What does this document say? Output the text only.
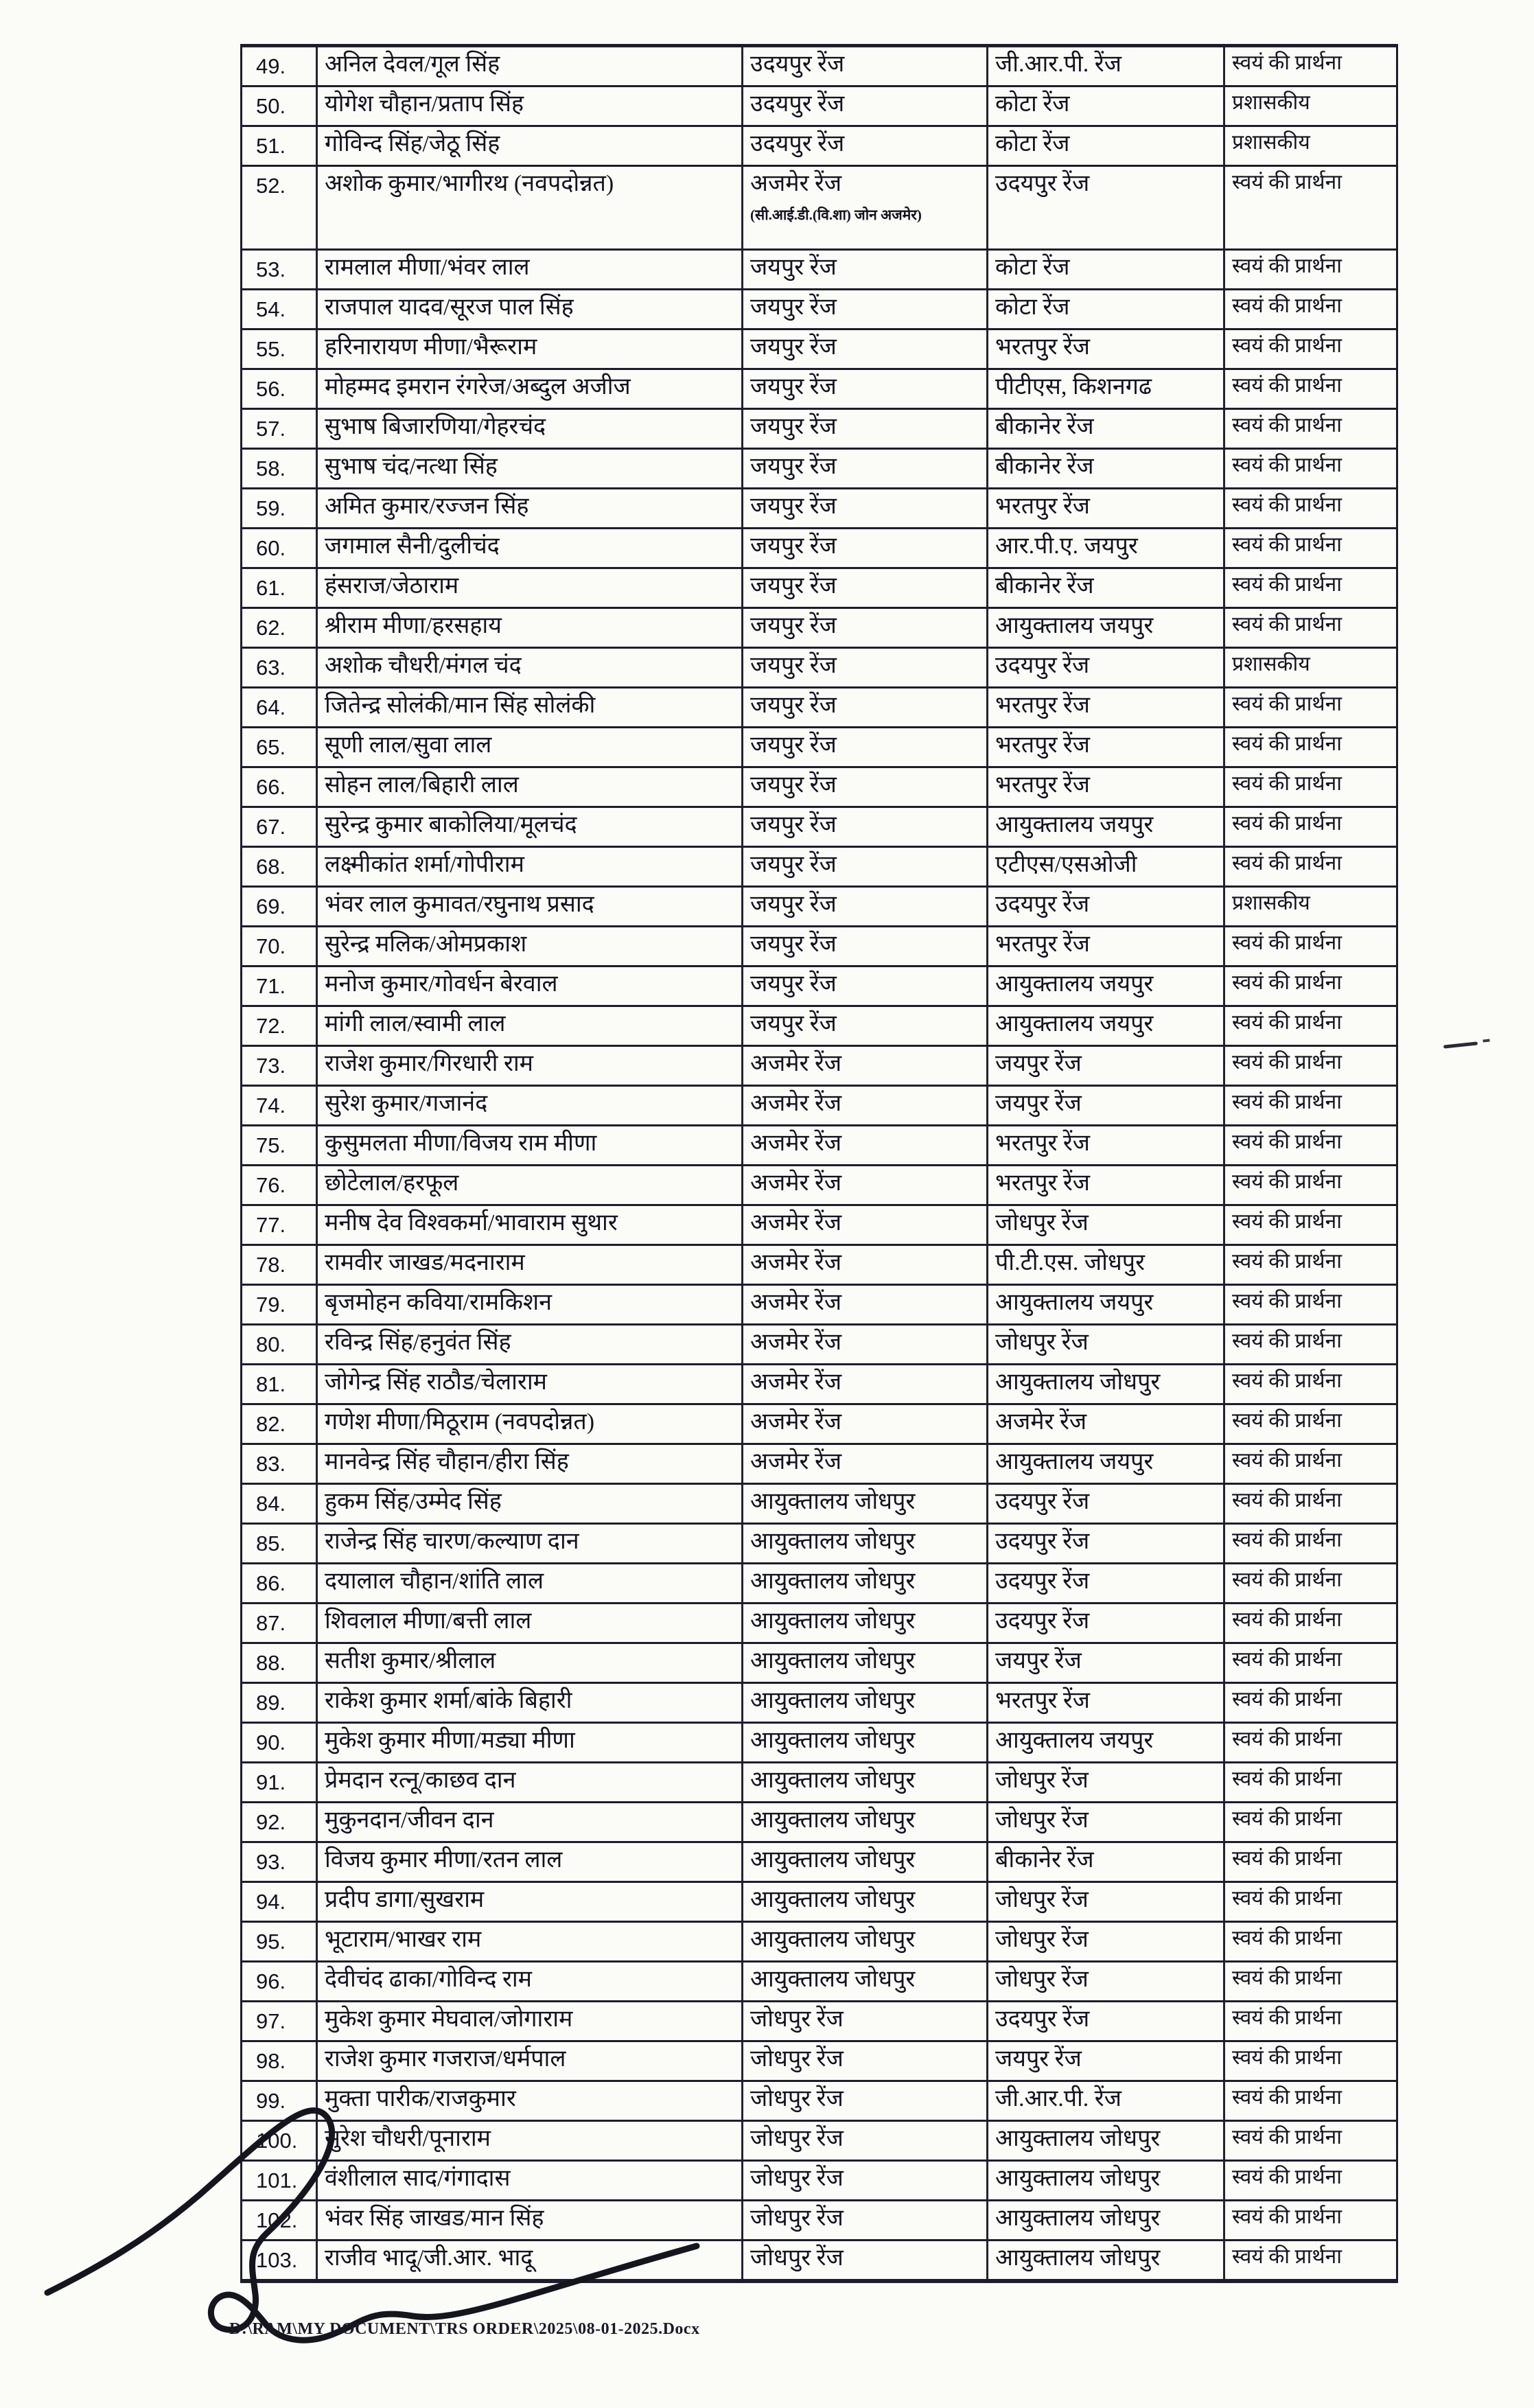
49.	अनिल देवल/गूल सिंह	उदयपुर रेंज	जी.आर.पी. रेंज	स्वयं की प्रार्थना
50.	योगेश चौहान/प्रताप सिंह	उदयपुर रेंज	कोटा रेंज	प्रशासकीय
51.	गोविन्द सिंह/जेठू सिंह	उदयपुर रेंज	कोटा रेंज	प्रशासकीय
52.	अशोक कुमार/भागीरथ (नवपदोन्नत)	अजमेर रेंज
(सी.आई.डी.(वि.शा) जोन अजमेर)
उदयपुर रेंज	स्वयं की प्रार्थना
53.	रामलाल मीणा/भंवर लाल	जयपुर रेंज	कोटा रेंज	स्वयं की प्रार्थना
54.	राजपाल यादव/सूरज पाल सिंह	जयपुर रेंज	कोटा रेंज	स्वयं की प्रार्थना
55.	हरिनारायण मीणा/भैरूराम	जयपुर रेंज	भरतपुर रेंज	स्वयं की प्रार्थना
56.	मोहम्मद इमरान रंगरेज/अब्दुल अजीज	जयपुर रेंज	पीटीएस, किशनगढ	स्वयं की प्रार्थना
57.	सुभाष बिजारणिया/गेहरचंद	जयपुर रेंज	बीकानेर रेंज	स्वयं की प्रार्थना
58.	सुभाष चंद/नत्था सिंह	जयपुर रेंज	बीकानेर रेंज	स्वयं की प्रार्थना
59.	अमित कुमार/रज्जन सिंह	जयपुर रेंज	भरतपुर रेंज	स्वयं की प्रार्थना
60.	जगमाल सैनी/दुलीचंद	जयपुर रेंज	आर.पी.ए. जयपुर	स्वयं की प्रार्थना
61.	हंसराज/जेठाराम	जयपुर रेंज	बीकानेर रेंज	स्वयं की प्रार्थना
62.	श्रीराम मीणा/हरसहाय	जयपुर रेंज	आयुक्तालय जयपुर	स्वयं की प्रार्थना
63.	अशोक चौधरी/मंगल चंद	जयपुर रेंज	उदयपुर रेंज	प्रशासकीय
64.	जितेन्द्र सोलंकी/मान सिंह सोलंकी	जयपुर रेंज	भरतपुर रेंज	स्वयं की प्रार्थना
65.	सूणी लाल/सुवा लाल	जयपुर रेंज	भरतपुर रेंज	स्वयं की प्रार्थना
66.	सोहन लाल/बिहारी लाल	जयपुर रेंज	भरतपुर रेंज	स्वयं की प्रार्थना
67.	सुरेन्द्र कुमार बाकोलिया/मूलचंद	जयपुर रेंज	आयुक्तालय जयपुर	स्वयं की प्रार्थना
68.	लक्ष्मीकांत शर्मा/गोपीराम	जयपुर रेंज	एटीएस/एसओजी	स्वयं की प्रार्थना
69.	भंवर लाल कुमावत/रघुनाथ प्रसाद	जयपुर रेंज	उदयपुर रेंज	प्रशासकीय
70.	सुरेन्द्र मलिक/ओमप्रकाश	जयपुर रेंज	भरतपुर रेंज	स्वयं की प्रार्थना
71.	मनोज कुमार/गोवर्धन बेरवाल	जयपुर रेंज	आयुक्तालय जयपुर	स्वयं की प्रार्थना
72.	मांगी लाल/स्वामी लाल	जयपुर रेंज	आयुक्तालय जयपुर	स्वयं की प्रार्थना
73.	राजेश कुमार/गिरधारी राम	अजमेर रेंज	जयपुर रेंज	स्वयं की प्रार्थना
74.	सुरेश कुमार/गजानंद	अजमेर रेंज	जयपुर रेंज	स्वयं की प्रार्थना
75.	कुसुमलता मीणा/विजय राम मीणा	अजमेर रेंज	भरतपुर रेंज	स्वयं की प्रार्थना
76.	छोटेलाल/हरफूल	अजमेर रेंज	भरतपुर रेंज	स्वयं की प्रार्थना
77.	मनीष देव विश्वकर्मा/भावाराम सुथार	अजमेर रेंज	जोधपुर रेंज	स्वयं की प्रार्थना
78.	रामवीर जाखड/मदनाराम	अजमेर रेंज	पी.टी.एस. जोधपुर	स्वयं की प्रार्थना
79.	बृजमोहन कविया/रामकिशन	अजमेर रेंज	आयुक्तालय जयपुर	स्वयं की प्रार्थना
80.	रविन्द्र सिंह/हनुवंत सिंह	अजमेर रेंज	जोधपुर रेंज	स्वयं की प्रार्थना
81.	जोगेन्द्र सिंह राठौड/चेलाराम	अजमेर रेंज	आयुक्तालय जोधपुर	स्वयं की प्रार्थना
82.	गणेश मीणा/मिठूराम (नवपदोन्नत)	अजमेर रेंज	अजमेर रेंज	स्वयं की प्रार्थना
83.	मानवेन्द्र सिंह चौहान/हीरा सिंह	अजमेर रेंज	आयुक्तालय जयपुर	स्वयं की प्रार्थना
84.	हुकम सिंह/उम्मेद सिंह	आयुक्तालय जोधपुर	उदयपुर रेंज	स्वयं की प्रार्थना
85.	राजेन्द्र सिंह चारण/कल्याण दान	आयुक्तालय जोधपुर	उदयपुर रेंज	स्वयं की प्रार्थना
86.	दयालाल चौहान/शांति लाल	आयुक्तालय जोधपुर	उदयपुर रेंज	स्वयं की प्रार्थना
87.	शिवलाल मीणा/बत्ती लाल	आयुक्तालय जोधपुर	उदयपुर रेंज	स्वयं की प्रार्थना
88.	सतीश कुमार/श्रीलाल	आयुक्तालय जोधपुर	जयपुर रेंज	स्वयं की प्रार्थना
89.	राकेश कुमार शर्मा/बांके बिहारी	आयुक्तालय जोधपुर	भरतपुर रेंज	स्वयं की प्रार्थना
90.	मुकेश कुमार मीणा/मड्या मीणा	आयुक्तालय जोधपुर	आयुक्तालय जयपुर	स्वयं की प्रार्थना
91.	प्रेमदान रत्नू/काछव दान	आयुक्तालय जोधपुर	जोधपुर रेंज	स्वयं की प्रार्थना
92.	मुकुनदान/जीवन दान	आयुक्तालय जोधपुर	जोधपुर रेंज	स्वयं की प्रार्थना
93.	विजय कुमार मीणा/रतन लाल	आयुक्तालय जोधपुर	बीकानेर रेंज	स्वयं की प्रार्थना
94.	प्रदीप डागा/सुखराम	आयुक्तालय जोधपुर	जोधपुर रेंज	स्वयं की प्रार्थना
95.	भूटाराम/भाखर राम	आयुक्तालय जोधपुर	जोधपुर रेंज	स्वयं की प्रार्थना
96.	देवीचंद ढाका/गोविन्द राम	आयुक्तालय जोधपुर	जोधपुर रेंज	स्वयं की प्रार्थना
97.	मुकेश कुमार मेघवाल/जोगाराम	जोधपुर रेंज	उदयपुर रेंज	स्वयं की प्रार्थना
98.	राजेश कुमार गजराज/धर्मपाल	जोधपुर रेंज	जयपुर रेंज	स्वयं की प्रार्थना
99.	मुक्ता पारीक/राजकुमार	जोधपुर रेंज	जी.आर.पी. रेंज	स्वयं की प्रार्थना
100.	सुरेश चौधरी/पूनाराम	जोधपुर रेंज	आयुक्तालय जोधपुर	स्वयं की प्रार्थना
101.	वंशीलाल साद/गंगादास	जोधपुर रेंज	आयुक्तालय जोधपुर	स्वयं की प्रार्थना
102.	भंवर सिंह जाखड/मान सिंह	जोधपुर रेंज	आयुक्तालय जोधपुर	स्वयं की प्रार्थना
103.	राजीव भादू/जी.आर. भादू	जोधपुर रेंज	आयुक्तालय जोधपुर	स्वयं की प्रार्थना
D:\RAM\MY DOCUMENT\TRS ORDER\2025\08-01-2025.Docx
